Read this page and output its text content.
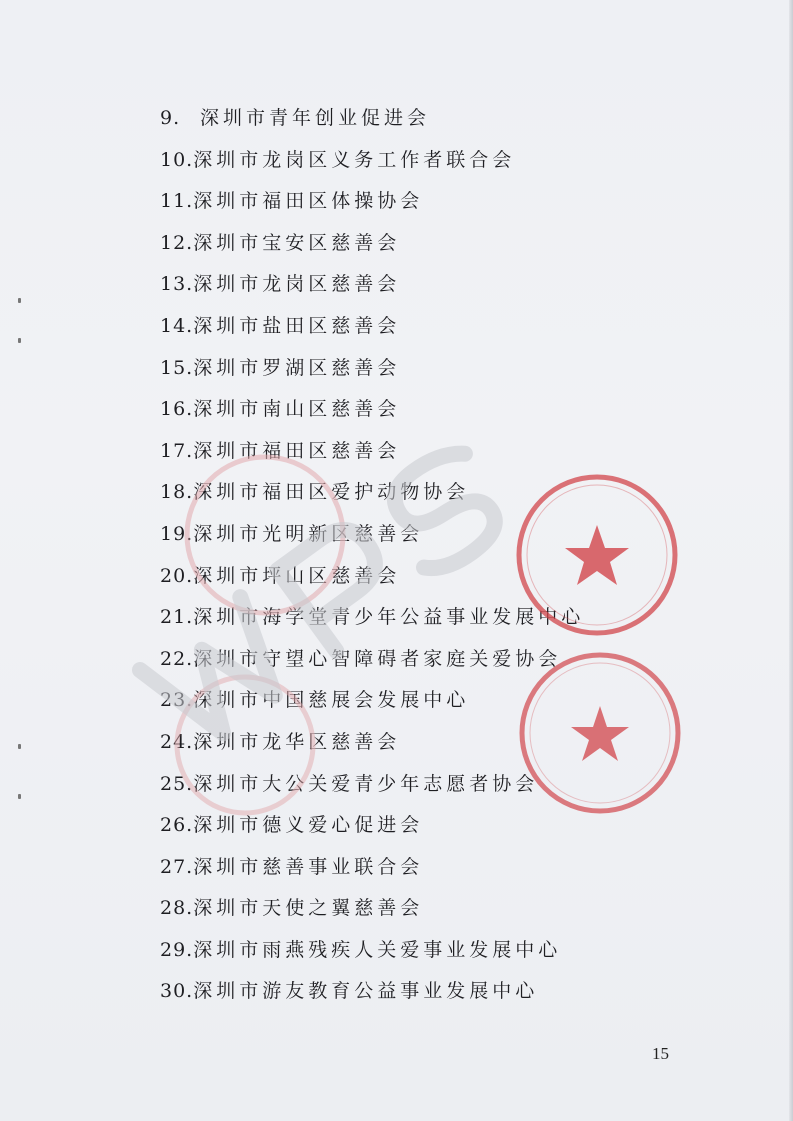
9. 深圳市青年创业促进会
10.深圳市龙岗区义务工作者联合会
11.深圳市福田区体操协会
12.深圳市宝安区慈善会
13.深圳市龙岗区慈善会
14.深圳市盐田区慈善会
15.深圳市罗湖区慈善会
16.深圳市南山区慈善会
17.深圳市福田区慈善会
18.深圳市福田区爱护动物协会
19.深圳市光明新区慈善会
20.深圳市坪山区慈善会
21.深圳市海学堂青少年公益事业发展中心
22.深圳市守望心智障碍者家庭关爱协会
23.深圳市中国慈展会发展中心
24.深圳市龙华区慈善会
25.深圳市大公关爱青少年志愿者协会
26.深圳市德义爱心促进会
27.深圳市慈善事业联合会
28.深圳市天使之翼慈善会
29.深圳市雨燕残疾人关爱事业发展中心
30.深圳市游友教育公益事业发展中心
15
